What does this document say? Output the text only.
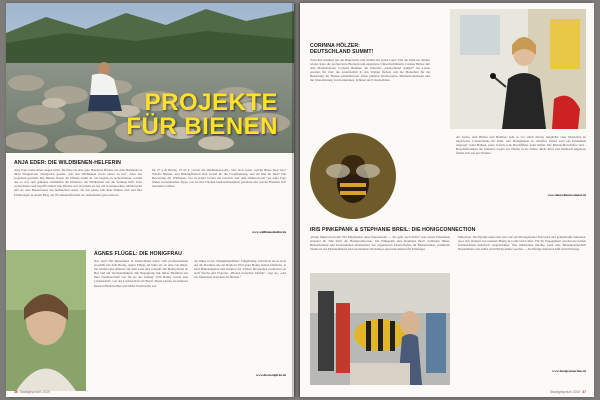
PROJEKTE
FÜR BIENEN
ANJA EDER: DIE WILDBIENEN-HELFERIN
Anja Eder traute ihren Augen nicht: Da hatte sie eine gute Handvoll Pflanze aus dem Baumarkt in ihren Wuppertaler Stadtgarten gesetzt, „für den Wildbienen etwas Gutes zu tun“. Aber das Gegenteil geschah: Die Bienen flogen die Pflanze kaum an. Sie begann zu recherchieren, warum das so war, und gründete schließlich die Initiative, die Wildbienen auf die Sprünge hilft. Eder recherchierte und begriff schnell: Die Pflanze war viel mehr als nur ein Gartenprodukt. Mittlerweile lebt sie eine Bienenwiese mit heimischen Arten, die das ganze Jahr über blühen, und teilt ihre Erfahrungen in einem Blog, der für Insektenfreunde zur Anlaufstelle geworden ist.
für 27 g & Beträg. 25 65 € | durch die Wildbienen-Lehr-. Wie Sich wann, welche Biene mag was? Welche Bienen- und Blütenpflanzen sind Grund für die Fortpflanzung, und im Mai im Nest? Die Bewertung der Wildbiene, fast in jedem Garten ein Gewinn. Auf dem Online-Portal von Anja Eder finden Gartenbesitzer Tipps, wie sie ihre Flächen insektenfreundlich gestalten und welche Pflanzen sich besonders lohnen.
www.wildbienenhelfer.de
AGNES FLÜGEL: DIE HONIGFRAU
Nur rund 250 Imkerinnen in Deutschland leben vom professionellen Geschäft mit dem Honig. Agnes Flügel, 40 Jahre alt, ist eine von ihnen. Sie betreibt ihre Imkerei auf dem Land und verkauft den Honig direkt ab Hof und auf Wochenmärkten. Die Begegnung mit Imker Bernhard aus ihrer Nachbarschaft war für sie der Anfang: Vom Hobby wurde eine Leidenschaft, von der Leidenschaft ein Beruf. Heute betreut sie mehrere hundert Bienenvölker und bildet Nachwuchs aus.
der Imker in der ‚Honigmanufaktur‘ Flügelhonig. Warum ist sie so stolz auf die Produkte aus der Region? Weil jeder Honig anders schmeckt, je nach Blütenangebot und Standort der Völker. Inzwischen verarbeitet sie auch Wachs und Propolis. „Bienen brauchen Vielfalt“, sagt sie, „und wir Menschen brauchen die Bienen.“
www.die-honigfrau.de
36 Stadtgespräch 2019
CORINNA HÖLZER:
DEUTSCHLAND SUMMT!
Zwischen summen nur die Hauptstadt, und summt das ganze Land: Und das kann sie. Immer wieder hatte die promovierte Biologin und engagierte Umweltschützerin Corinna Hölzer mit dem Medienberater Cornelis Hemmer die Initiative „Deutschland summt!“ ins Leben gerufen. Ihr Ziel: die Artenvielfalt in den Städten fördern und die Menschen für die Bedeutung der Bienen sensibilisieren. Dazu gehören Wettbewerbe, Mitmach-Aktionen und die Unterstützung von Kommunen, Schulen und Unternehmen.
der Sache, dem Hölzer und Hemmer geht es vor allem darum, möglichst viele Menschen zu motivieren, Lebensräume für Wild- und Honigbienen zu schaffen. Dabei wird ein Umdenken angeregt: Jeder Balkon, jeder Garten, jede Brachfläche kann helfen. Die Bienen-Botschafter und -Botschafterinnen der Initiative tragen das Thema in die Städte. Mehr Infos und Mitmach-Angebote finden sich auf der Website.
www.deutschland-summt.de
IRIS PINKEPANK & STEPHANIE BREIL: DIE HONIGCONNECTION
„Einen Imkerverein mit 350 Mitgliedern ohne Internetseite — das geht doch nicht!“ Aus dieser Erkenntnis entstand im Jahr 2016 die Honigconnection. Iris Pinkepank und Stephanie Breil verbinden Imker, Bienenfreunde und Unternehmen miteinander. Sie organisieren Patenschaften für Bienenvölker, vermitteln Standorte auf Firmendächern und veranstalten Workshops rund ums Imkern für Einsteiger.
Initiativen. Die HonigConnection setzt auf ein überregionales Netzwerk und gemeinsame Aktionen, etwa den Verkauf von lokalem Honig in Cafés und Läden. Für ihr Engagement wurden die beiden Gründerinnen mehrfach ausgezeichnet. Wer mitmachen möchte, kann eine Bienenpatenschaft übernehmen oder selbst zum Hobby-Imker werden — die Honigconnection hilft beim Einstieg.
www.honigconnection.de
Stadtgespräch 2019 37
